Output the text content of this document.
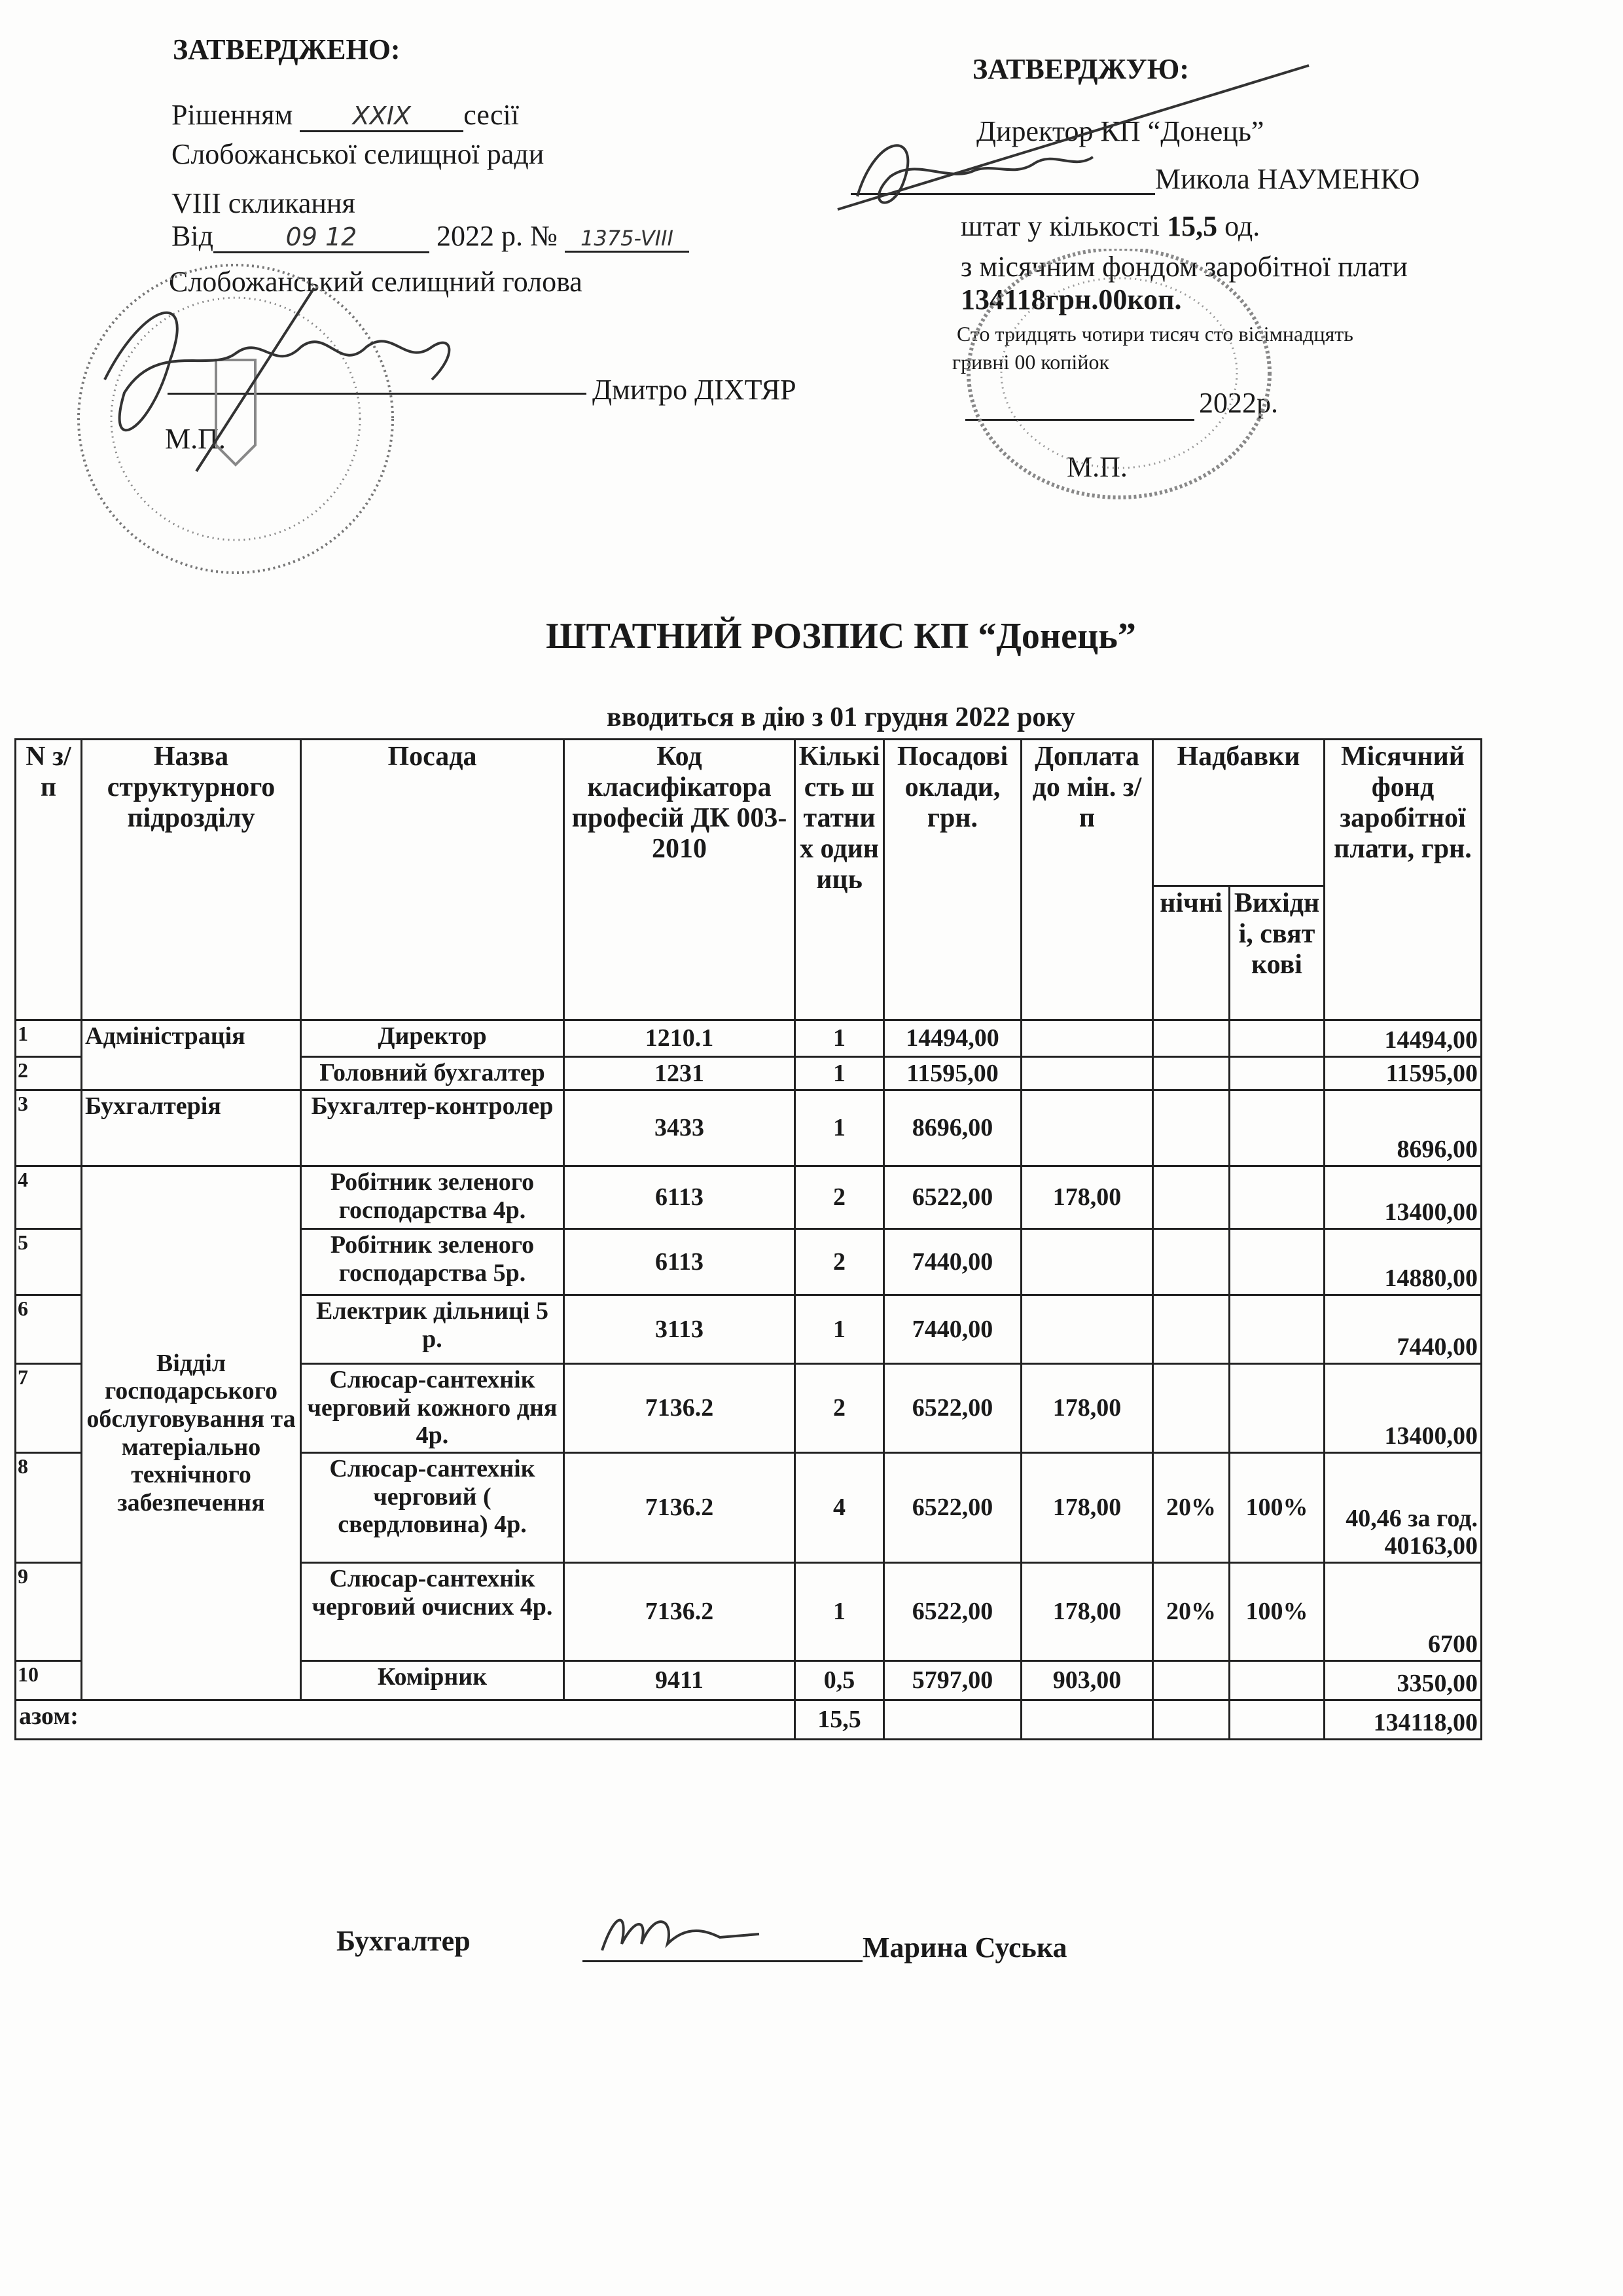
ЗАТВЕРДЖЕНО:
Рішенням XXIX сесії
Слобожанської селищної ради
VIII скликання
Від	09 12	2022 р. № 1375-VIII
Слобожанський селищний голова
Дмитро ДІХТЯР
М.П.
ЗАТВЕРДЖУЮ:
Директор КП “Донець”
Микола НАУМЕНКО
штат у кількості 15,5 од.
з місячним фондом заробітної плати
134118грн.00коп.
Сто тридцять чотири тисяч сто вісімнадцять
гривні 00 копійок
2022р.
М.П.
ШТАТНИЙ РОЗПИС КП “Донець”
вводиться в дію з 01 грудня 2022 року
N з/п	Назва структурного підрозділу	Посада	Код класифікатора професій ДК 003-2010	Кількість штатних одиниць	Посадові оклади, грн.	Доплата до мін. з/п	Надбавки		Місячний фонд заробітної плати, грн.
							нічні	Вихідні, святкові	
1	Адміністрація	Директор	1210.1	1	14494,00				14494,00
2		Головний бухгалтер	1231	1	11595,00				11595,00
3	Бухгалтерія	Бухгалтер-контролер	3433	1	8696,00				8696,00
4	Відділ господарського обслуговування та матеріально технічного забезпечення	Робітник зеленого господарства 4р.	6113	2	6522,00	178,00			13400,00
5		Робітник зеленого господарства 5р.	6113	2	7440,00				14880,00
6		Електрик дільниці 5 р.	3113	1	7440,00				7440,00
7		Слюсар-сантехнік черговий кожного дня 4р.	7136.2	2	6522,00	178,00			13400,00
8		Слюсар-сантехнік черговий ( свердловина) 4р.	7136.2	4	6522,00	178,00	20%	100%	40,46 за год. 40163,00
9		Слюсар-сантехнік черговий очисних 4р.	7136.2	1	6522,00	178,00	20%	100%	6700
10		Комірник	9411	0,5	5797,00	903,00			3350,00
азом:				15,5					134118,00
Бухгалтер	Марина Суська
